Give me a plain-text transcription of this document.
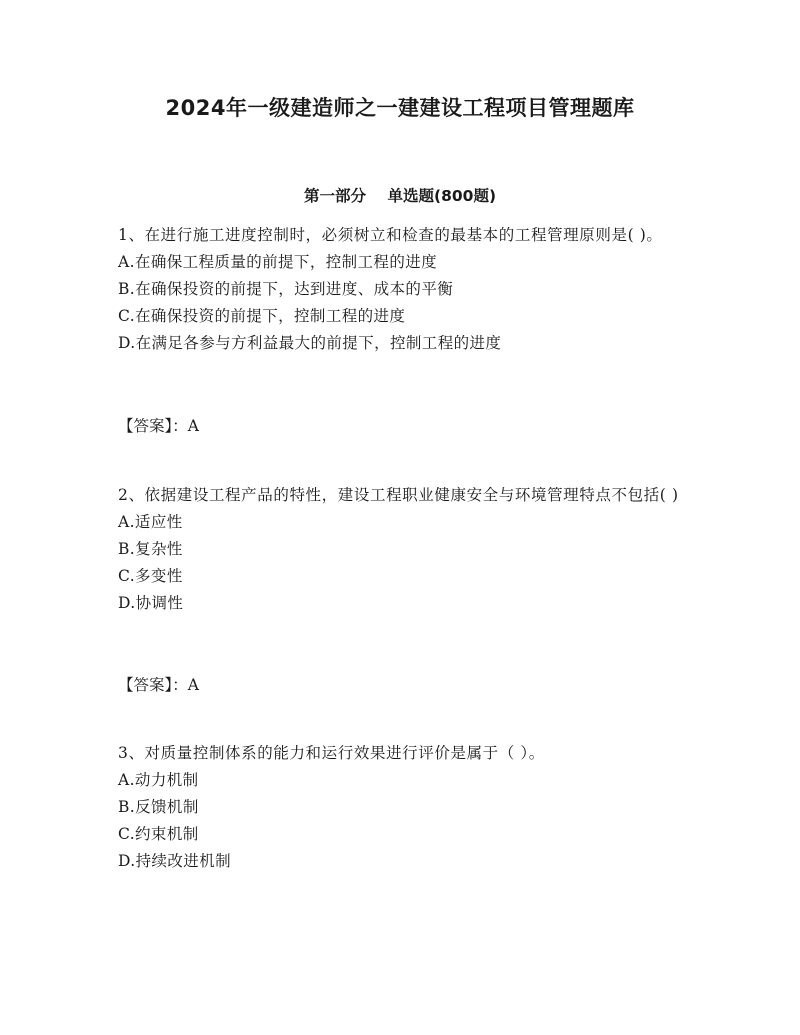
2024年一级建造师之一建建设工程项目管理题库
第一部分    单选题(800题)

1、在进行施工进度控制时，必须树立和检查的最基本的工程管理原则是( )。

A.在确保工程质量的前提下，控制工程的进度
B.在确保投资的前提下，达到进度、成本的平衡
C.在确保投资的前提下，控制工程的进度
D.在满足各参与方利益最大的前提下，控制工程的进度

【答案】：A

2、依据建设工程产品的特性，建设工程职业健康安全与环境管理特点不包括( )

A.适应性
B.复杂性
C.多变性
D.协调性

【答案】：A

3、对质量控制体系的能力和运行效果进行评价是属于（ ）。

A.动力机制
B.反馈机制
C.约束机制
D.持续改进机制
